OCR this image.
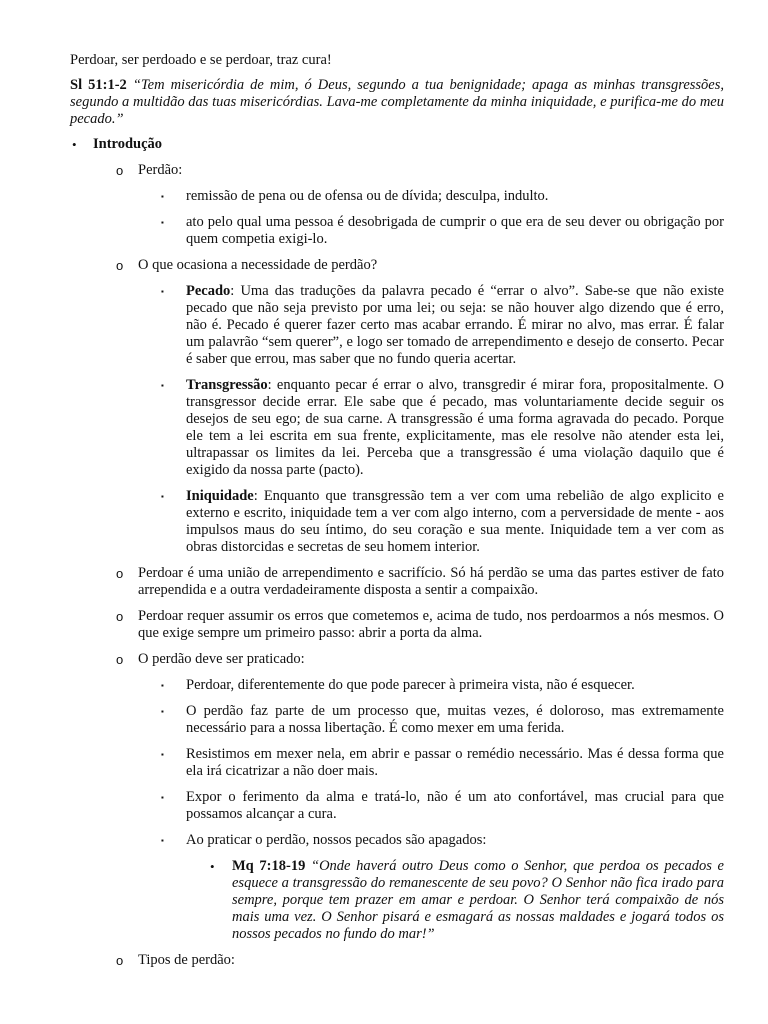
Perdoar, ser perdoado e se perdoar, traz cura!

Sl 51:1-2 “Tem misericórdia de mim, ó Deus, segundo a tua benignidade; apaga as minhas transgressões, segundo a multidão das tuas misericórdias. Lava-me completamente da minha iniquidade, e purifica-me do meu pecado.”

• Introdução
o Perdão:
▪ remissão de pena ou de ofensa ou de dívida; desculpa, indulto.
▪ ato pelo qual uma pessoa é desobrigada de cumprir o que era de seu dever ou obrigação por quem competia exigi-lo.
o O que ocasiona a necessidade de perdão?
▪ Pecado: Uma das traduções da palavra pecado é “errar o alvo”. Sabe-se que não existe pecado que não seja previsto por uma lei; ou seja: se não houver algo dizendo que é erro, não é. Pecado é querer fazer certo mas acabar errando. É mirar no alvo, mas errar. É falar um palavrão “sem querer”, e logo ser tomado de arrependimento e desejo de conserto. Pecar é saber que errou, mas saber que no fundo queria acertar.
▪ Transgressão: enquanto pecar é errar o alvo, transgredir é mirar fora, propositalmente. O transgressor decide errar. Ele sabe que é pecado, mas voluntariamente decide seguir os desejos de seu ego; de sua carne. A transgressão é uma forma agravada do pecado. Porque ele tem a lei escrita em sua frente, explicitamente, mas ele resolve não atender esta lei, ultrapassar os limites da lei. Perceba que a transgressão é uma violação daquilo que é exigido da nossa parte (pacto).
▪ Iniquidade: Enquanto que transgressão tem a ver com uma rebelião de algo explicito e externo e escrito, iniquidade tem a ver com algo interno, com a perversidade de mente - aos impulsos maus do seu íntimo, do seu coração e sua mente. Iniquidade tem a ver com as obras distorcidas e secretas de seu homem interior.
o Perdoar é uma união de arrependimento e sacrifício. Só há perdão se uma das partes estiver de fato arrependida e a outra verdadeiramente disposta a sentir a compaixão.
o Perdoar requer assumir os erros que cometemos e, acima de tudo, nos perdoarmos a nós mesmos. O que exige sempre um primeiro passo: abrir a porta da alma.
o O perdão deve ser praticado:
▪ Perdoar, diferentemente do que pode parecer à primeira vista, não é esquecer.
▪ O perdão faz parte de um processo que, muitas vezes, é doloroso, mas extremamente necessário para a nossa libertação. É como mexer em uma ferida.
▪ Resistimos em mexer nela, em abrir e passar o remédio necessário. Mas é dessa forma que ela irá cicatrizar a não doer mais.
▪ Expor o ferimento da alma e tratá-lo, não é um ato confortável, mas crucial para que possamos alcançar a cura.
▪ Ao praticar o perdão, nossos pecados são apagados:
• Mq 7:18-19 “Onde haverá outro Deus como o Senhor, que perdoa os pecados e esquece a transgressão do remanescente de seu povo? O Senhor não fica irado para sempre, porque tem prazer em amar e perdoar. O Senhor terá compaixão de nós mais uma vez. O Senhor pisará e esmagará as nossas maldades e jogará todos os nossos pecados no fundo do mar!”
o Tipos de perdão:
